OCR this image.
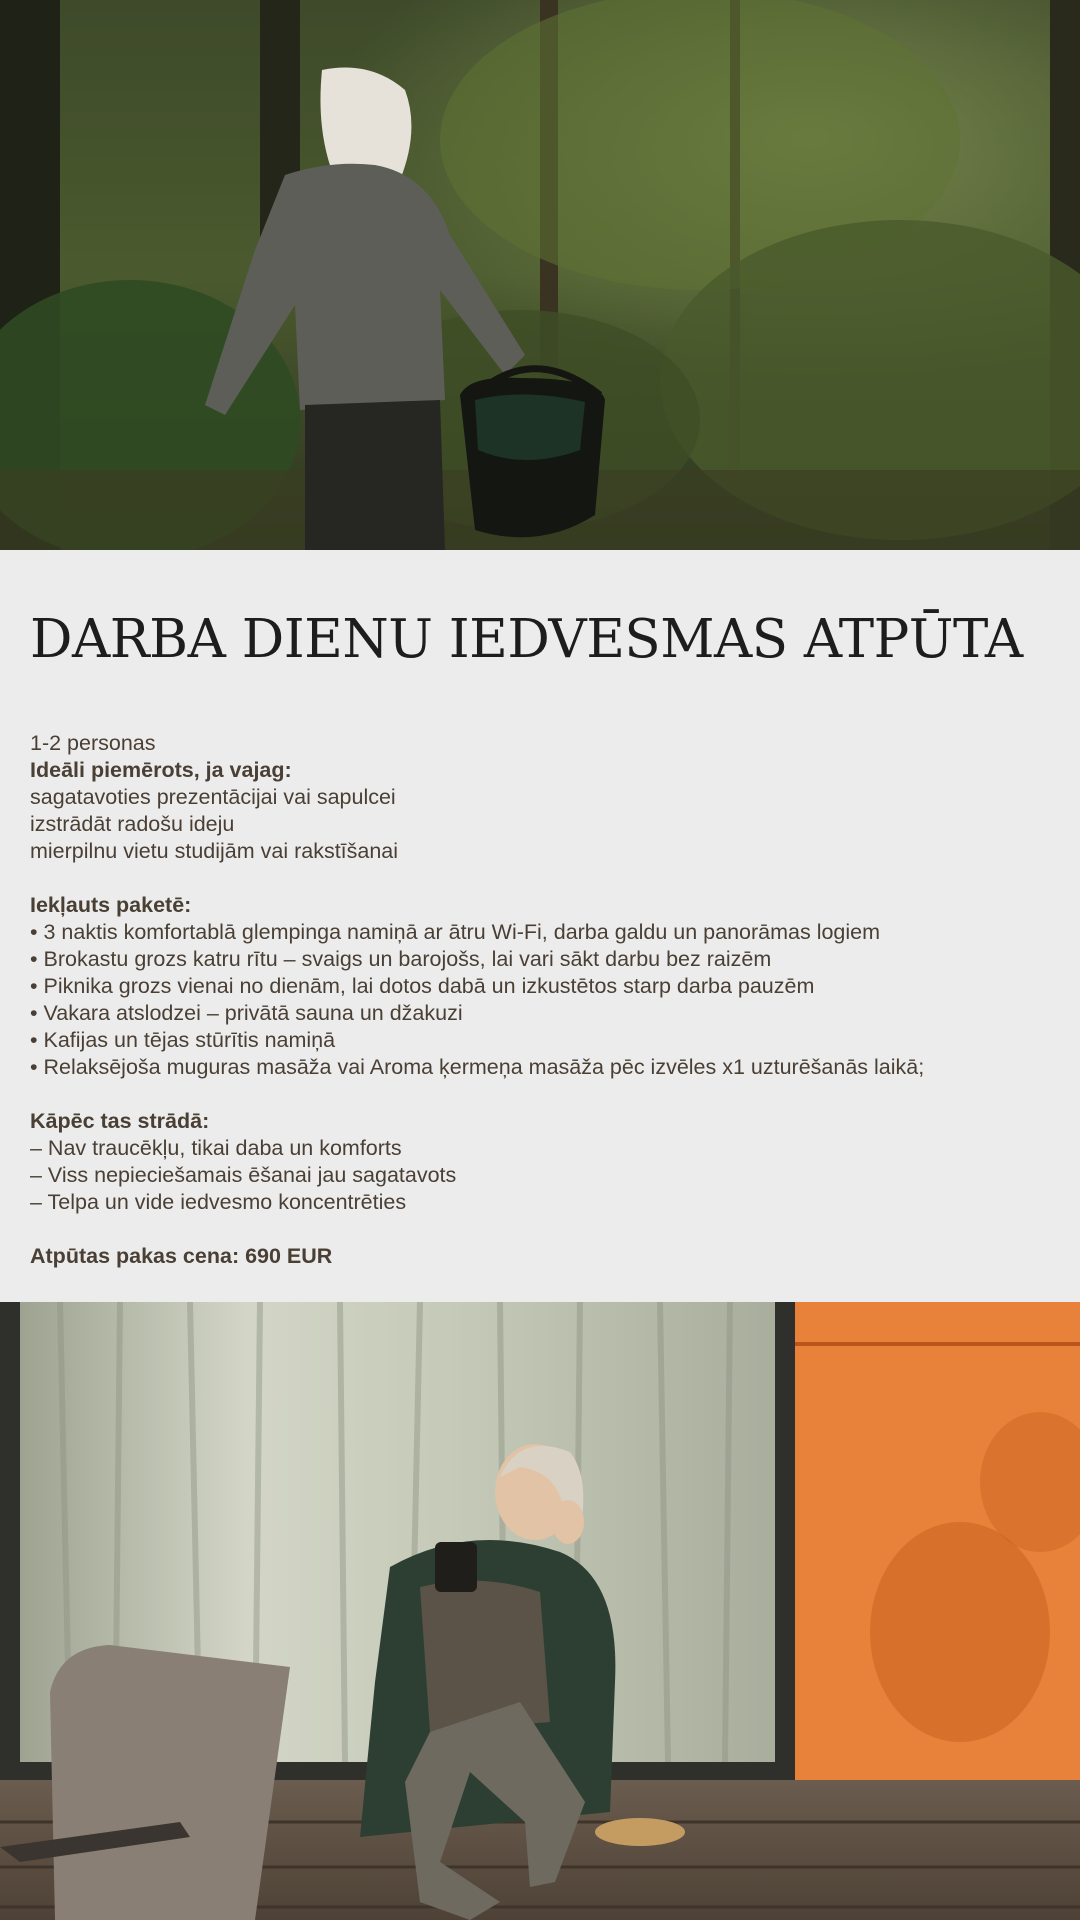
DARBA DIENU IEDVESMAS ATPŪTA

1-2 personas

Ideāli piemērots, ja vajag:

sagatavoties prezentācijai vai sapulcei

izstrādāt radošu ideju

mierpilnu vietu studijām vai rakstīšanai

Iekļauts paketē:

• 3 naktis komfortablā glempinga namiņā ar ātru Wi-Fi, darba galdu un panorāmas logiem
• Brokastu grozs katru rītu – svaigs un barojošs, lai vari sākt darbu bez raizēm
• Piknika grozs vienai no dienām, lai dotos dabā un izkustētos starp darba pauzēm
• Vakara atslodzei – privātā sauna un džakuzi
• Kafijas un tējas stūrītis namiņā
• Relaksējoša muguras masāža vai Aroma ķermeņa masāža pēc izvēles x1 uzturēšanās laikā;

Kāpēc tas strādā:

– Nav traucēkļu, tikai daba un komforts
– Viss nepieciešamais ēšanai jau sagatavots
– Telpa un vide iedvesmo koncentrēties

Atpūtas pakas cena: 690 EUR
